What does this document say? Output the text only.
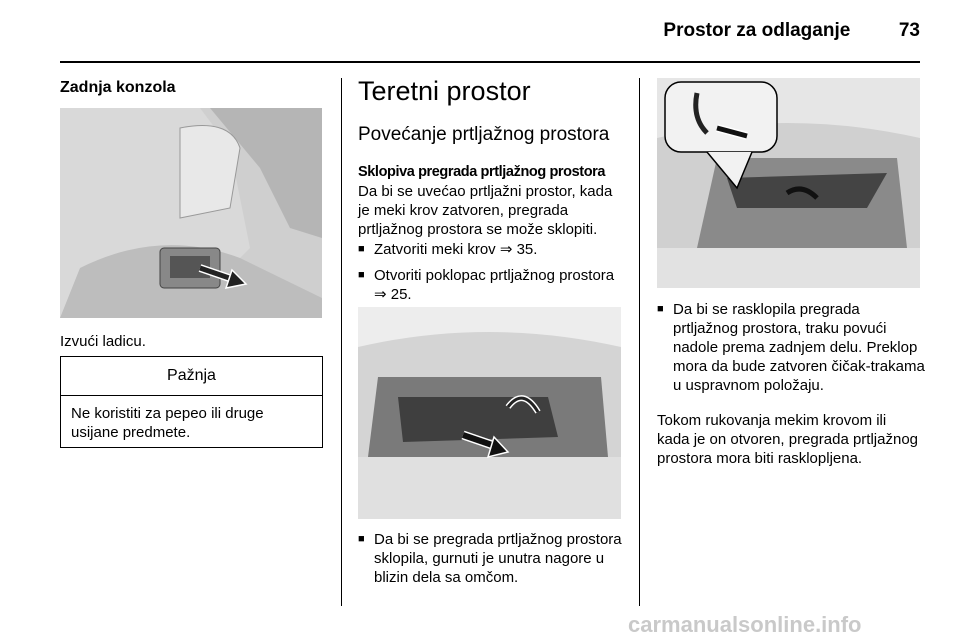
Prostor za odlaganje	73
Zadnja konzola
Izvući ladicu.
Pažnja
Ne koristiti za pepeo ili druge usijane predmete.
Teretni prostor
Povećanje prtljažnog prostora
Sklopiva pregrada prtljažnog prostora
Da bi se uvećao prtljažni prostor, kada je meki krov zatvoren, pregrada prtljažnog prostora se može sklopiti.
■ Zatvoriti meki krov ⇒ 35.
■ Otvoriti poklopac prtljažnog prostora ⇒ 25.
■ Da bi se pregrada prtljažnog prostora sklopila, gurnuti je unutra nagore u blizin dela sa omčom.
■ Da bi se rasklopila pregrada prtljažnog prostora, traku povući nadole prema zadnjem delu. Preklop mora da bude zatvoren čičak-trakama u uspravnom položaju.
Tokom rukovanja mekim krovom ili kada je on otvoren, pregrada prtljažnog prostora mora biti rasklopljena.
carmanualsonline.info
